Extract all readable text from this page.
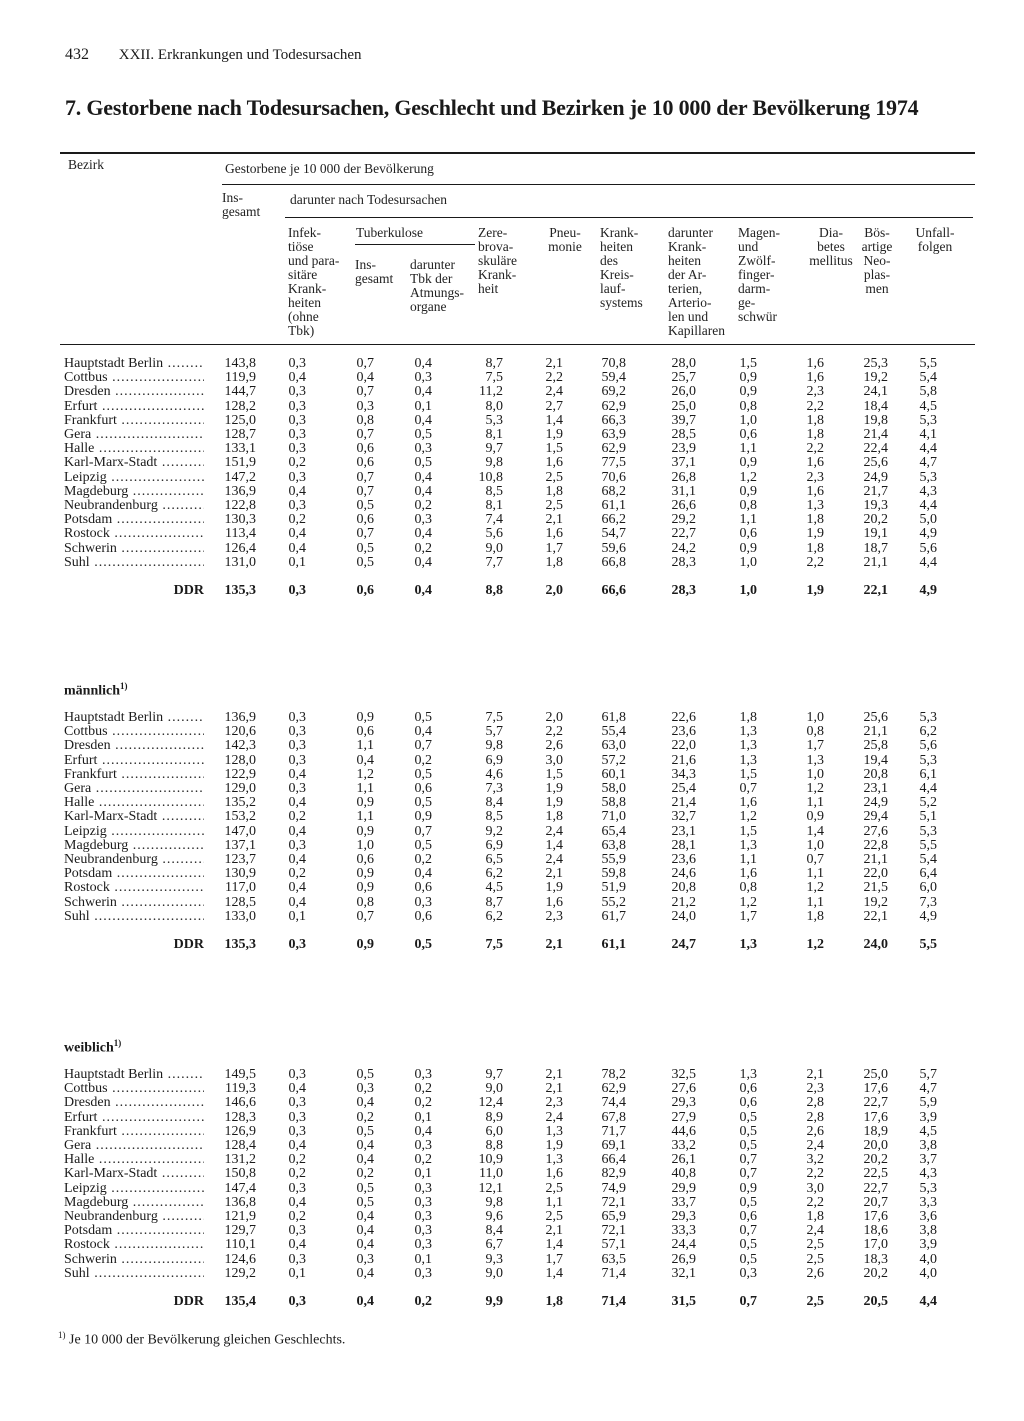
432 XXII. Erkrankungen und Todesursachen
7. Gestorbene nach Todesursachen, Geschlecht und Bezirken je 10 000 der Bevölkerung 1974
Bezirk	Gestorbene je 10 000 der Bevölkerung
Ins-
gesamt
darunter nach Todesursachen
Infek-
tiöse
und para-
sitäre
Krank-
heiten
(ohne
Tbk)
Tuberkulose
Ins-
gesamt
darunter
Tbk der
Atmungs-
organe
Zere-
brova-
skuläre
Krank-
heit
Pneu-
monie
Krank-
heiten
des
Kreis-
lauf-
systems
darunter
Krank-
heiten
der Ar-
terien,
Arterio-
len und
Kapillaren
Magen-
und
Zwölf-
finger-
darm-
ge-
schwür
Dia-
betes
mellitus
Bös-
artige
Neo-
plas-
men
Unfall-
folgen
Hauptstadt Berlin .....	143,8	0,3	0,7	0,4	8,7	2,1	70,8	28,0	1,5	1,6	25,3	5,5
Cottbus .....	119,9	0,4	0,4	0,3	7,5	2,2	59,4	25,7	0,9	1,6	19,2	5,4
Dresden .....	144,7	0,3	0,7	0,4	11,2	2,4	69,2	26,0	0,9	2,3	24,1	5,8
Erfurt .....	128,2	0,3	0,3	0,1	8,0	2,7	62,9	25,0	0,8	2,2	18,4	4,5
Frankfurt .....	125,0	0,3	0,8	0,4	5,3	1,4	66,3	39,7	1,0	1,8	19,8	5,3
Gera .....	128,7	0,3	0,7	0,5	8,1	1,9	63,9	28,5	0,6	1,8	21,4	4,1
Halle .....	133,1	0,3	0,6	0,3	9,7	1,5	62,9	23,9	1,1	2,2	22,4	4,4
Karl-Marx-Stadt .....	151,9	0,2	0,6	0,5	9,8	1,6	77,5	37,1	0,9	1,6	25,6	4,7
Leipzig .....	147,2	0,3	0,7	0,4	10,8	2,5	70,6	26,8	1,2	2,3	24,9	5,3
Magdeburg .....	136,9	0,4	0,7	0,4	8,5	1,8	68,2	31,1	0,9	1,6	21,7	4,3
Neubrandenburg .....	122,8	0,3	0,5	0,2	8,1	2,5	61,1	26,6	0,8	1,3	19,3	4,4
Potsdam .....	130,3	0,2	0,6	0,3	7,4	2,1	66,2	29,2	1,1	1,8	20,2	5,0
Rostock .....	113,4	0,4	0,7	0,4	5,6	1,6	54,7	22,7	0,6	1,9	19,1	4,9
Schwerin .....	126,4	0,4	0,5	0,2	9,0	1,7	59,6	24,2	0,9	1,8	18,7	5,6
Suhl .....	131,0	0,1	0,5	0,4	7,7	1,8	66,8	28,3	1,0	2,2	21,1	4,4
DDR	135,3	0,3	0,6	0,4	8,8	2,0	66,6	28,3	1,0	1,9	22,1	4,9
männlich$^{1)}$
Hauptstadt Berlin .....	136,9	0,3	0,9	0,5	7,5	2,0	61,8	22,6	1,8	1,0	25,6	5,3
Cottbus .....	120,6	0,3	0,6	0,4	5,7	2,2	55,4	23,6	1,3	0,8	21,1	6,2
Dresden .....	142,3	0,3	1,1	0,7	9,8	2,6	63,0	22,0	1,3	1,7	25,8	5,6
Erfurt .....	128,0	0,3	0,4	0,2	6,9	3,0	57,2	21,6	1,3	1,3	19,4	5,3
Frankfurt .....	122,9	0,4	1,2	0,5	4,6	1,5	60,1	34,3	1,5	1,0	20,8	6,1
Gera .....	129,0	0,3	1,1	0,6	7,3	1,9	58,0	25,4	0,7	1,2	23,1	4,4
Halle .....	135,2	0,4	0,9	0,5	8,4	1,9	58,8	21,4	1,6	1,1	24,9	5,2
Karl-Marx-Stadt .....	153,2	0,2	1,1	0,9	8,5	1,8	71,0	32,7	1,2	0,9	29,4	5,1
Leipzig .....	147,0	0,4	0,9	0,7	9,2	2,4	65,4	23,1	1,5	1,4	27,6	5,3
Magdeburg .....	137,1	0,3	1,0	0,5	6,9	1,4	63,8	28,1	1,3	1,0	22,8	5,5
Neubrandenburg .....	123,7	0,4	0,6	0,2	6,5	2,4	55,9	23,6	1,1	0,7	21,1	5,4
Potsdam .....	130,9	0,2	0,9	0,4	6,2	2,1	59,8	24,6	1,6	1,1	22,0	6,4
Rostock .....	117,0	0,4	0,9	0,6	4,5	1,9	51,9	20,8	0,8	1,2	21,5	6,0
Schwerin .....	128,5	0,4	0,8	0,3	8,7	1,6	55,2	21,2	1,2	1,1	19,2	7,3
Suhl .....	133,0	0,1	0,7	0,6	6,2	2,3	61,7	24,0	1,7	1,8	22,1	4,9
DDR	135,3	0,3	0,9	0,5	7,5	2,1	61,1	24,7	1,3	1,2	24,0	5,5
weiblich$^{1)}$
Hauptstadt Berlin .....	149,5	0,3	0,5	0,3	9,7	2,1	78,2	32,5	1,3	2,1	25,0	5,7
Cottbus .....	119,3	0,4	0,3	0,2	9,0	2,1	62,9	27,6	0,6	2,3	17,6	4,7
Dresden .....	146,6	0,3	0,4	0,2	12,4	2,3	74,4	29,3	0,6	2,8	22,7	5,9
Erfurt .....	128,3	0,3	0,2	0,1	8,9	2,4	67,8	27,9	0,5	2,8	17,6	3,9
Frankfurt .....	126,9	0,3	0,5	0,4	6,0	1,3	71,7	44,6	0,5	2,6	18,9	4,5
Gera .....	128,4	0,4	0,4	0,3	8,8	1,9	69,1	33,2	0,5	2,4	20,0	3,8
Halle .....	131,2	0,2	0,4	0,2	10,9	1,3	66,4	26,1	0,7	3,2	20,2	3,7
Karl-Marx-Stadt .....	150,8	0,2	0,2	0,1	11,0	1,6	82,9	40,8	0,7	2,2	22,5	4,3
Leipzig .....	147,4	0,3	0,5	0,3	12,1	2,5	74,9	29,9	0,9	3,0	22,7	5,3
Magdeburg .....	136,8	0,4	0,5	0,3	9,8	1,1	72,1	33,7	0,5	2,2	20,7	3,3
Neubrandenburg .....	121,9	0,2	0,4	0,3	9,6	2,5	65,9	29,3	0,6	1,8	17,6	3,6
Potsdam .....	129,7	0,3	0,4	0,3	8,4	2,1	72,1	33,3	0,7	2,4	18,6	3,8
Rostock .....	110,1	0,4	0,4	0,3	6,7	1,4	57,1	24,4	0,5	2,5	17,0	3,9
Schwerin .....	124,6	0,3	0,3	0,1	9,3	1,7	63,5	26,9	0,5	2,5	18,3	4,0
Suhl .....	129,2	0,1	0,4	0,3	9,0	1,4	71,4	32,1	0,3	2,6	20,2	4,0
DDR	135,4	0,3	0,4	0,2	9,9	1,8	71,4	31,5	0,7	2,5	20,5	4,4
$^{1)}$ Je 10 000 der Bevölkerung gleichen Geschlechts.
